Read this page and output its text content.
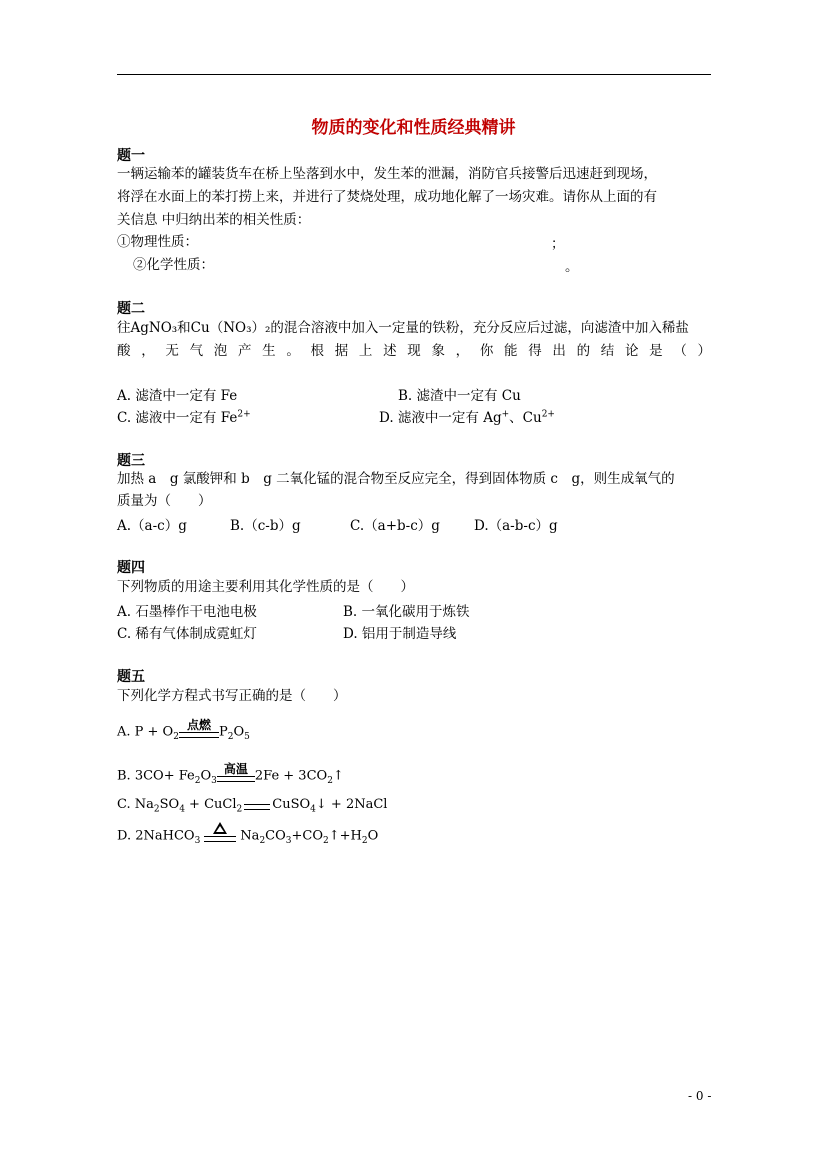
物质的变化和性质经典精讲
题一
一辆运输苯的罐装货车在桥上坠落到水中，发生苯的泄漏，消防官兵接警后迅速赶到现场，
将浮在水面上的苯打捞上来，并进行了焚烧处理，成功地化解了一场灾难。请你从上面的有
关信息 中归纳出苯的相关性质：
①物理性质：	；
②化学性质：	。
题二
往AgNO₃和Cu（NO₃）₂的混合溶液中加入一定量的铁粉，充分反应后过滤，向滤渣中加入稀盐
酸 ， 无 气 泡 产 生 。 根 据 上 述 现 象 ， 你 能 得 出 的 结 论 是 （ ）
A. 滤渣中一定有 Fe	B. 滤渣中一定有 Cu
C. 滤液中一定有 $Fe^{2+}$	D. 滤液中一定有 Ag+、$Cu^{2+}$
题三
加热 a　g 氯酸钾和 b　g 二氧化锰的混合物至反应完全，得到固体物质 c　g，则生成氧气的
质量为（　　）
A.（a-c）g	B.（c-b）g	C.（a+b-c）g	D.（a-b-c）g
题四
下列物质的用途主要利用其化学性质的是（　　）
A. 石墨棒作干电池电极	B. 一氧化碳用于炼铁
C. 稀有气体制成霓虹灯	D. 铝用于制造导线
题五
下列化学方程式书写正确的是（　　）
A. $P + O_2$
点燃 $P_2O_5$
B. $3CO+ Fe_2O_3$
高温 $2Fe + 3CO_2↑$
C. $Na_2SO_4$ + CuCl$_2$ CuSO$_4$↓ + 2NaCl
D. 2NaHCO$_3$	$Na_2CO_3+CO_2↑+H_2O$
- 0 -
